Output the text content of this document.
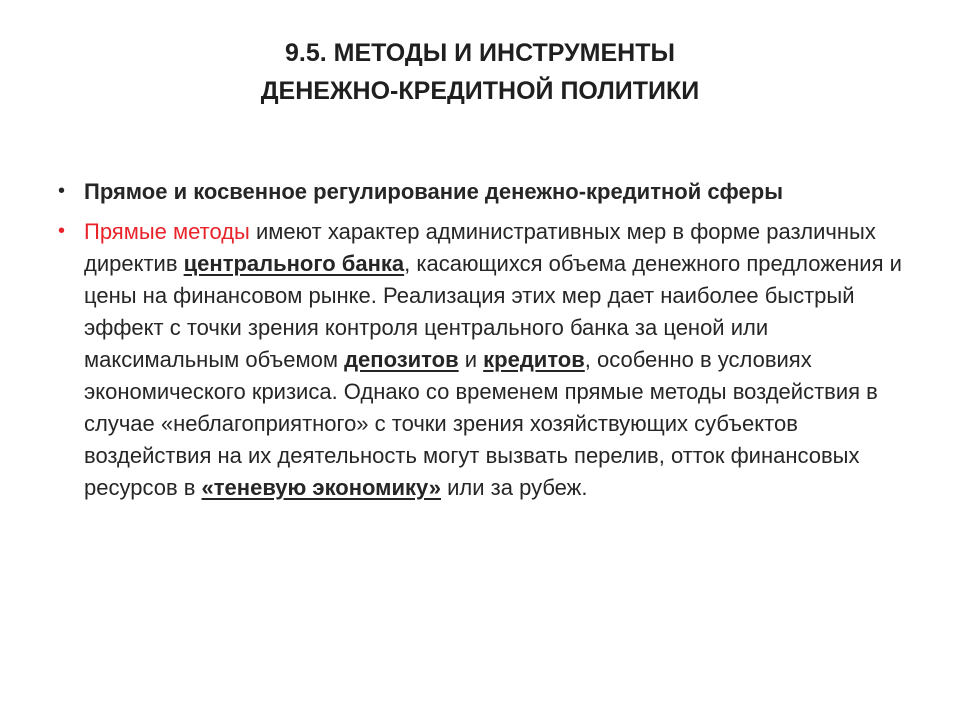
9.5. МЕТОДЫ И ИНСТРУМЕНТЫ
ДЕНЕЖНО-КРЕДИТНОЙ ПОЛИТИКИ
• Прямое и косвенное регулирование денежно-кредитной сферы
• Прямые методы имеют характер административных мер в форме различных директив центрального банка, касающихся объема денежного предложения и цены на финансовом рынке. Реализация этих мер дает наиболее быстрый эффект с точки зрения контроля центрального банка за ценой или максимальным объемом депозитов и кредитов, особенно в условиях экономического кризиса. Однако со временем прямые методы воздействия в случае «неблагоприятного» с точки зрения хозяйствующих субъектов воздействия на их деятельность могут вызвать перелив, отток финансовых ресурсов в «теневую экономику» или за рубеж.
